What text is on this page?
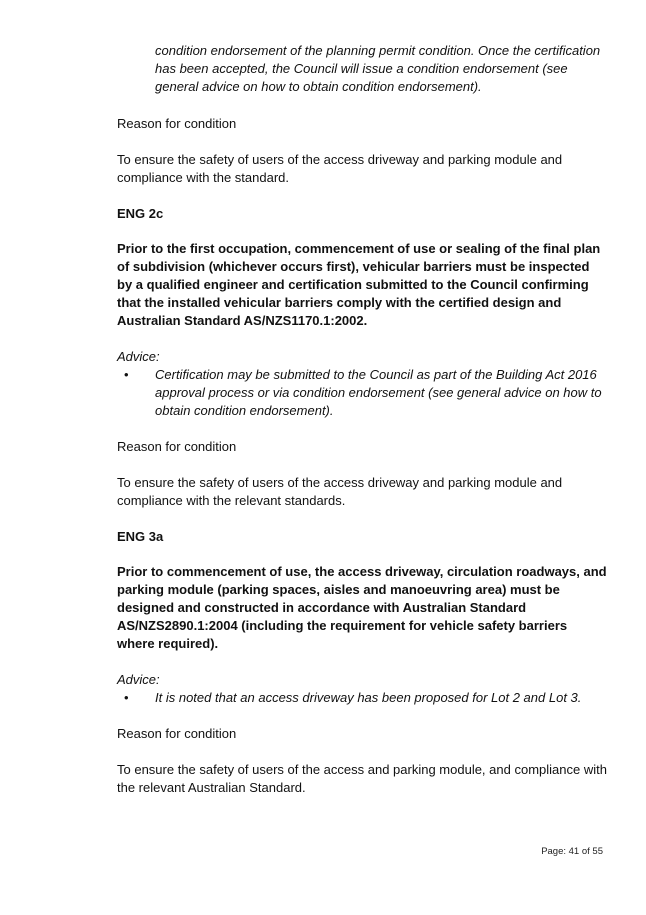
condition endorsement of the planning permit condition. Once the certification has been accepted, the Council will issue a condition endorsement (see general advice on how to obtain condition endorsement).

Reason for condition

To ensure the safety of users of the access driveway and parking module and compliance with the standard.

ENG 2c

Prior to the first occupation, commencement of use or sealing of the final plan of subdivision (whichever occurs first), vehicular barriers must be inspected by a qualified engineer and certification submitted to the Council confirming that the installed vehicular barriers comply with the certified design and Australian Standard AS/NZS1170.1:2002.

Advice:

• Certification may be submitted to the Council as part of the Building Act 2016 approval process or via condition endorsement (see general advice on how to obtain condition endorsement).

Reason for condition

To ensure the safety of users of the access driveway and parking module and compliance with the relevant standards.

ENG 3a

Prior to commencement of use, the access driveway, circulation roadways, and parking module (parking spaces, aisles and manoeuvring area) must be designed and constructed in accordance with Australian Standard AS/NZS2890.1:2004 (including the requirement for vehicle safety barriers where required).

Advice:

• It is noted that an access driveway has been proposed for Lot 2 and Lot 3.

Reason for condition

To ensure the safety of users of the access and parking module, and compliance with the relevant Australian Standard.

Page: 41 of 55
